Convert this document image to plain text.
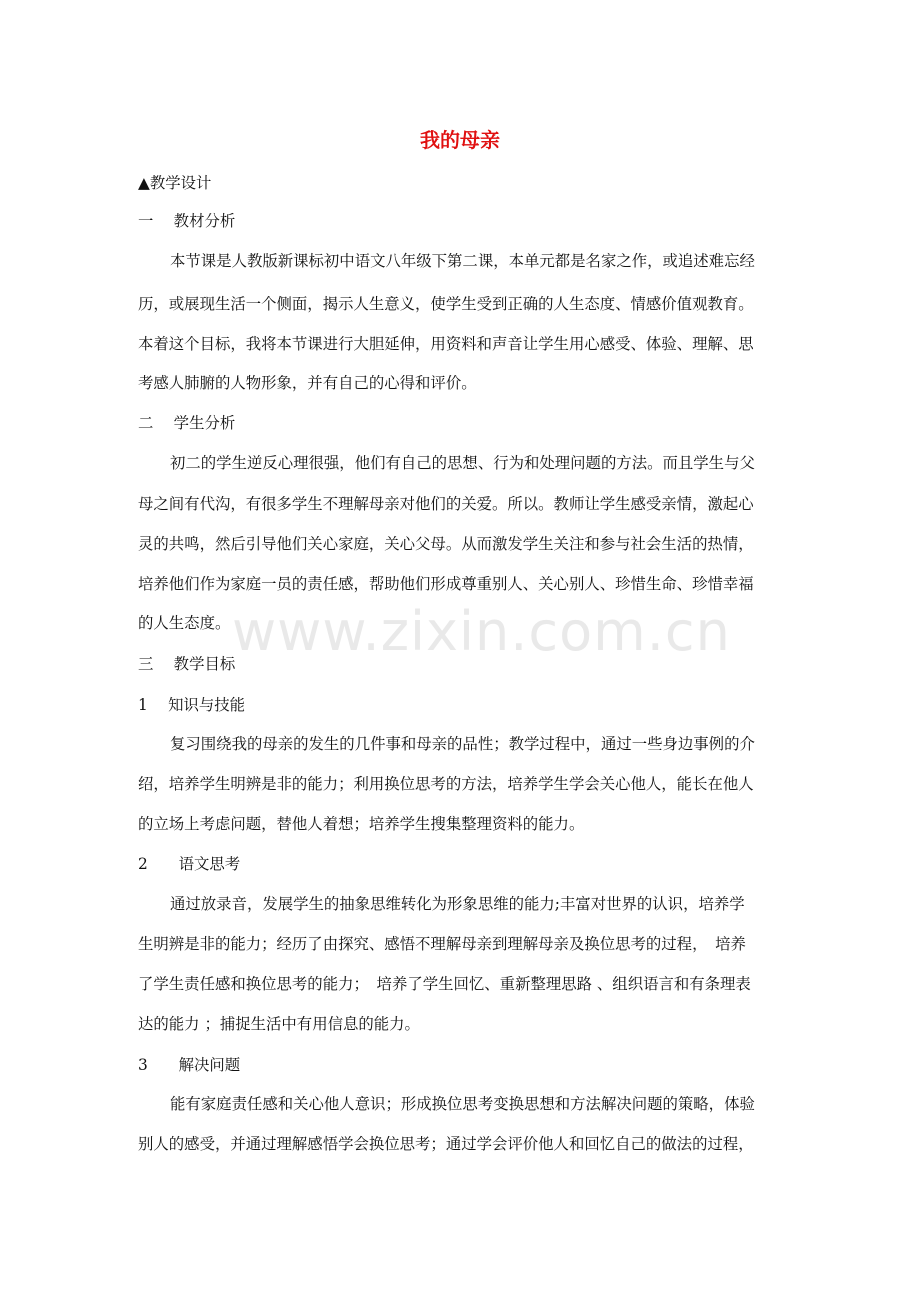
www.zixin.com.cn
我的母亲
▲教学设计
一　 教材分析
本节课是人教版新课标初中语文八年级下第二课，本单元都是名家之作，或追述难忘经
历，或展现生活一个侧面，揭示人生意义，使学生受到正确的人生态度、情感价值观教育。
本着这个目标，我将本节课进行大胆延伸，用资料和声音让学生用心感受、体验、理解、思
考感人肺腑的人物形象，并有自己的心得和评价。
二　 学生分析
初二的学生逆反心理很强，他们有自己的思想、行为和处理问题的方法。而且学生与父
母之间有代沟，有很多学生不理解母亲对他们的关爱。所以。教师让学生感受亲情，激起心
灵的共鸣，然后引导他们关心家庭，关心父母。从而激发学生关注和参与社会生活的热情，
培养他们作为家庭一员的责任感，帮助他们形成尊重别人、关心别人、珍惜生命、珍惜幸福
的人生态度。
三　 教学目标
1　 知识与技能
复习围绕我的母亲的发生的几件事和母亲的品性；教学过程中，通过一些身边事例的介
绍，培养学生明辨是非的能力；利用换位思考的方法，培养学生学会关心他人，能长在他人
的立场上考虑问题，替他人着想；培养学生搜集整理资料的能力。
2　　语文思考
通过放录音，发展学生的抽象思维转化为形象思维的能力;丰富对世界的认识，培养学
生明辨是非的能力；经历了由探究、感悟不理解母亲到理解母亲及换位思考的过程，　培养
了学生责任感和换位思考的能力；　培养了学生回忆、重新整理思路 、组织语言和有条理表
达的能力 ；捕捉生活中有用信息的能力。
3　　解决问题
能有家庭责任感和关心他人意识；形成换位思考变换思想和方法解决问题的策略，体验
别人的感受，并通过理解感悟学会换位思考；通过学会评价他人和回忆自己的做法的过程，
